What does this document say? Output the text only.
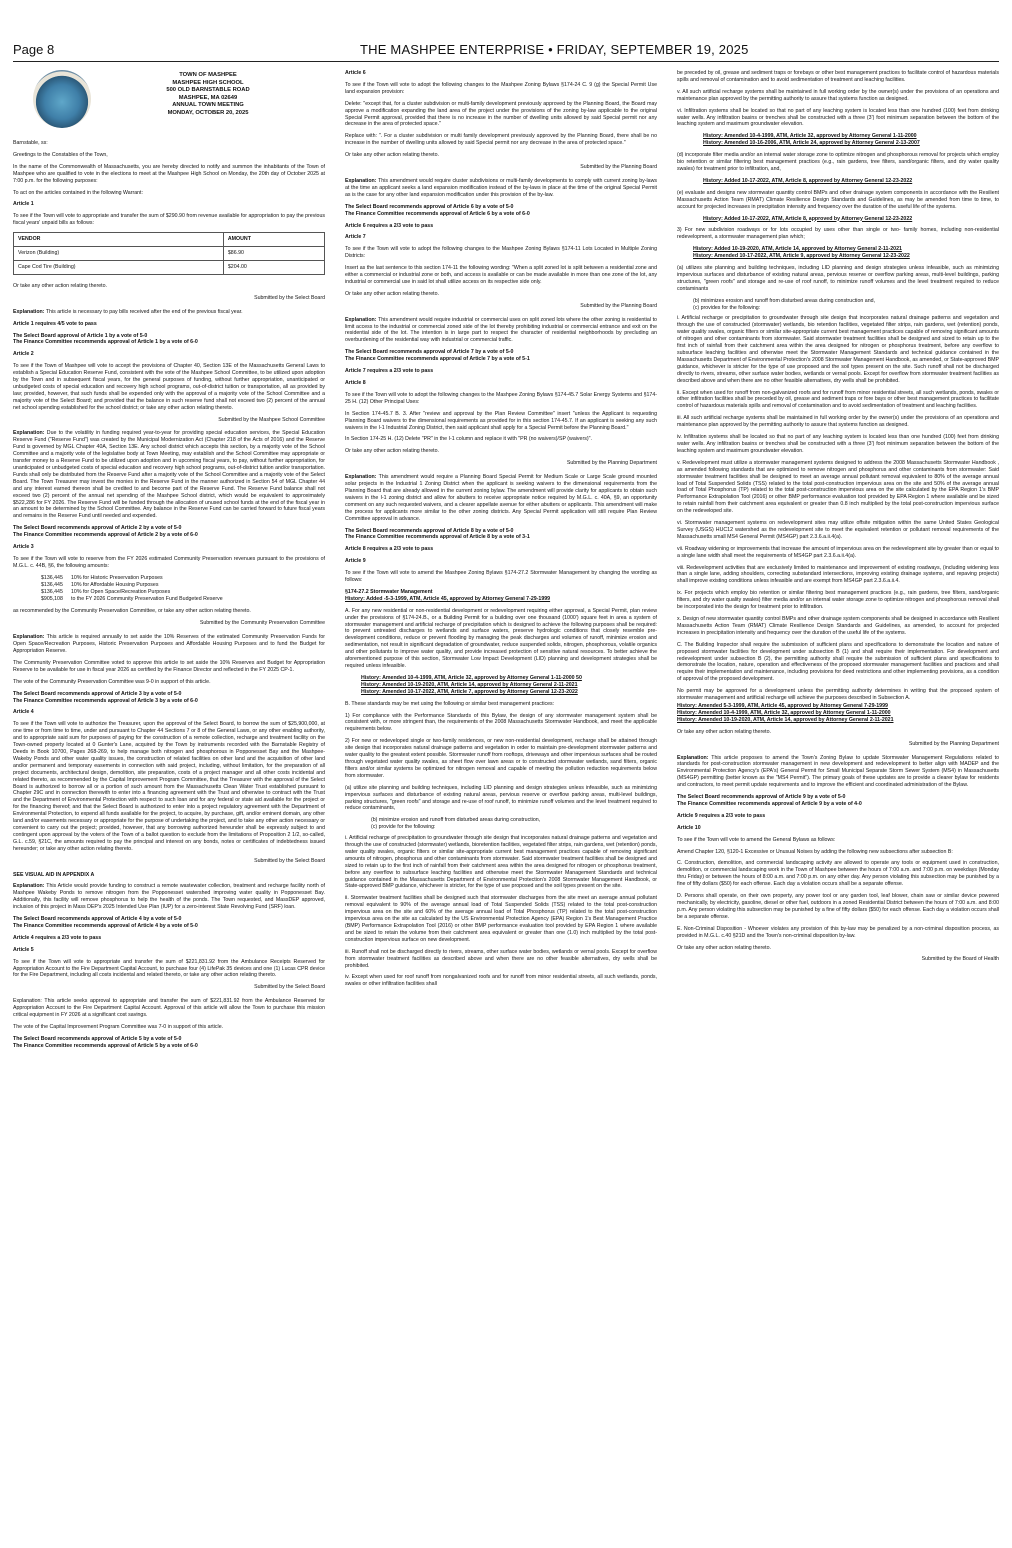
Page 8	THE MASHPEE ENTERPRISE • FRIDAY, SEPTEMBER 19, 2025
TOWN OF MASHPEE
MASHPEE HIGH SCHOOL
500 OLD BARNSTABLE ROAD
MASHPEE, MA 02649
ANNUAL TOWN MEETING
MONDAY, OCTOBER 20, 2025

Barnstable, ss:

Greetings to the Constables of the Town,

In the name of the Commonwealth of Massachusetts, you are hereby directed to notify and summon the inhabitants of the Town of Mashpee who are qualified to vote in the elections to meet at the Mashpee High School on Monday, the 20th day of October 2025 at 7:00 p.m. for the following purposes:

To act on the articles contained in the following Warrant:

Article 1

To see if the Town will vote to appropriate and transfer the sum of $290.90 from revenue available for appropriation to pay the previous fiscal years' unpaid bills as follows:

VENDOR	AMOUNT
Verizon (Building)	$86.90
Cape Cod Tire (Building)	$204.00

Or take any other action relating thereto.

Submitted by the Select Board

Explanation: This article is necessary to pay bills received after the end of the previous fiscal year.

Article 1 requires 4/5 vote to pass
The Select Board approval of Article 1 by a vote of 5-0
The Finance Committee recommends approval of Article 1 by a vote of 6-0
Article 2

To see if the Town of Mashpee will vote to accept the provisions of Chapter 40, Section 13E of the Massachusetts General Laws to establish a Special Education Reserve Fund, consistent with the vote of the Mashpee School Committee, to be utilized upon adoption by the Town and in subsequent fiscal years, for the general purposes of funding, without further appropriation, unanticipated or unbudgeted costs of special education and recovery high school programs, out-of-district tuition or transportation, all as provided by law; provided, however, that such funds shall be expended only with the approval of a majority vote of the School Committee and a majority vote of the Select Board; and provided that the balance in such reserve fund shall not exceed two (2) percent of the annual net school spending established for the school district; or take any other action relating thereto.

Submitted by the Mashpee School Committee

Explanation: Due to the volatility in funding required year-to-year for providing special education services, the Special Education Reserve Fund (“Reserve Fund”) was created by the Municipal Modernization Act (Chapter 218 of the Acts of 2016) and the Reserve Fund is governed by MGL Chapter 40A, Section 13E. Any school district which accepts this section, by a majority vote of the School Committee and a majority vote of the legislative body at Town Meeting, may establish and the School Committee may appropriate or transfer money to a Reserve Fund to be utilized upon adoption and in upcoming fiscal years, to pay, without further appropriation, for unanticipated or unbudgeted costs of special education and recovery high school programs, out-of-district tuition and/or transportation. Funds shall only be distributed from the Reserve Fund after a majority vote of the School Committee and a majority vote of the Select Board. The Town Treasurer may invest the monies in the Reserve Fund in the manner authorized in Section 54 of MGL Chapter 44 and any interest earned thereon shall be credited to and become part of the Reserve Fund. The Reserve Fund balance shall not exceed two (2) percent of the annual net spending of the Mashpee School district, which would be equivalent to approximately $522,286 for FY 2026. The Reserve Fund will be funded through the allocation of unused school funds at the end of the fiscal year in an amount to be determined by the School Committee. Any balance in the Reserve Fund can be carried forward to future fiscal years and remains in the Reserve Fund until needed and expended.

The Select Board recommends approval of Article 2 by a vote of 5-0
The Finance Committee recommends approval of Article 2 by a vote of 6-0
Article 3

To see if the Town will vote to reserve from the FY 2026 estimated Community Preservation revenues pursuant to the provisions of M.G.L. c. 44B, §6, the following amounts:

$136,445	10% for Historic Preservation Purposes
$136,445	10% for Affordable Housing Purposes
$136,445	10% for Open Space/Recreation Purposes
$905,108	to the FY 2026 Community Preservation Fund Budgeted Reserve

as recommended by the Community Preservation Committee, or take any other action relating thereto.

Submitted by the Community Preservation Committee

Explanation: This article is required annually to set aside the 10% Reserves of the estimated Community Preservation Funds for Open Space/Recreation Purposes, Historic Preservation Purposes and Affordable Housing Purposes and to fund the Budget for Appropriation Reserve.

The Community Preservation Committee voted to approve this article to set aside the 10% Reserves and Budget for Appropriation Reserve to be available for use in fiscal year 2026 as certified by the Finance Director and reflected in the FY 2025 CP-1.

The vote of the Community Preservation Committee was 9-0 in support of this article.

The Select Board recommends approval of Article 3 by a vote of 5-0
The Finance Committee recommends approval of Article 3 by a vote of 6-0
Article 4

To see if the Town will vote to authorize the Treasurer, upon the approval of the Select Board, to borrow the sum of $25,900,000, at one time or from time to time, under and pursuant to Chapter 44 Sections 7 or 8 of the General Laws, or any other enabling authority, and to appropriate said sum for purposes of paying for the construction of a remote collection, recharge and treatment facility on the Town-owned property located at 0 Gunter's Lane, acquired by the Town by instruments recorded with the Barnstable Registry of Deeds in Book 10700, Pages 268-269, to help manage both nitrogen and phosphorous in Popponesset Bay and the Mashpee-Wakeby Ponds and other water quality issues, the construction of related facilities on other land and the acquisition of other land and/or permanent and temporary easements in connection with said project, including, without limitation, for the preparation of all project documents, architectural design, demolition, site preparation, costs of a project manager and all other costs incidental and related thereto, as recommended by the Capital Improvement Program Committee, that the Treasurer with the approval of the Select Board is authorized to borrow all or a portion of such amount from the Massachusetts Clean Water Trust established pursuant to Chapter 29C and in connection therewith to enter into a financing agreement with the Trust and otherwise to contract with the Trust and the Department of Environmental Protection with respect to such loan and for any federal or state aid available for the project or for the financing thereof; and that the Select Board is authorized to enter into a project regulatory agreement with the Department of Environmental Protection, to expend all funds available for the project, to acquire, by purchase, gift, and/or eminent domain, any other land and/or easements necessary or appropriate for the purpose of undertaking the project, and to take any other action necessary or convenient to carry out the project; provided, however, that any borrowing authorized hereunder shall be expressly subject to and contingent upon approval by the voters of the Town of a ballot question to exclude from the limitations of Proposition 2 1/2, so-called, G.L. c.59, §21C, the amounts required to pay the principal and interest on any bonds, notes or certificates of indebtedness issued hereunder; or take any other action relating thereto.

Submitted by the Select Board
SEE VISUAL AID IN APPENDIX A

Explanation: This Article would provide funding to construct a remote wastewater collection, treatment and recharge facility north of Mashpee Wakeby Ponds to remove nitrogen from the Popponesset watershed improving water quality in Popponesset Bay. Additionally, this facility will remove phosphorus to help the health of the ponds. The Town requested, and MassDEP approved, inclusion of this project in Mass DEP's 2025 Intended Use Plan (IUP) for a zero-interest State Revolving Fund (SRF) loan.

The Select Board recommends approval of Article 4 by a vote of 5-0
The Finance Committee recommends approval of Article 4 by a vote of 5-0
Article 4 requires a 2/3 vote to pass
Article 5

To see if the Town will vote to appropriate and transfer the sum of $221,831.92 from the Ambulance Receipts Reserved for Appropriation Account to the Fire Department Capital Account, to purchase four (4) LifePak 35 devices and one (1) Lucas CPR device for the Fire Department, including all costs incidental and related thereto, or take any other action relating thereto.

Submitted by the Select Board

Explanation: This article seeks approval to appropriate and transfer the sum of $221,831.92 from the Ambulance Reserved for Appropriation Account to the Fire Department Capital Account. Approval of this article will allow the Town to purchase this mission critical equipment in FY 2026 at a significant cost savings.

The vote of the Capital Improvement Program Committee was 7-0 in support of this article.

The Select Board recommends approval of Article 5 by a vote of 5-0
The Finance Committee recommends approval of Article 5 by a vote of 6-0
Article 6

To see if the Town will vote to adopt the following changes to the Mashpee Zoning Bylaws §174-24 C. 9 (g) the Special Permit Use land expansion provision:

Delete: "except that, for a cluster subdivision or multi-family development previously approved by the Planning Board, the Board may approve a modification expanding the land area of the project under the provisions of the zoning by-law applicable to the original Special Permit approval, provided that there is no increase in the number of dwelling units allowed by said Special permit nor any decrease in the area of protected space."

Replace with: ". For a cluster subdivision or multi family development previously approved by the Planning Board, there shall be no increase in the number of dwelling units allowed by said Special permit nor any decrease in the area of protected space."

Or take any other action relating thereto.

Submitted by the Planning Board

Explanation: This amendment would require cluster subdivisions or multi-family developments to comply with current zoning by-laws at the time an applicant seeks a land expansion modification instead of the by-laws in place at the time of the original Special Permit as is the case for any other land expansion modification under this provision of the by-law.

The Select Board recommends approval of Article 6 by a vote of 5-0
The Finance Committee recommends approval of Article 6 by a vote of 6-0
Article 6 requires a 2/3 vote to pass
Article 7

To see if the Town will vote to adopt the following changes to the Mashpee Zoning Bylaws §174-11 Lots Located in Multiple Zoning Districts:

Insert as the last sentence to this section 174-11 the following wording: "When a split zoned lot is split between a residential zone and either a commercial or industrial zone or both, and access is available or can be made available in more than one zone of the lot, any industrial or commercial use in said lot shall utilize access on its respective side only.

Or take any other action relating thereto.

Submitted by the Planning Board

Explanation: This amendment would require industrial or commercial uses on split zoned lots where the other zoning is residential to limit access to the industrial or commercial zoned side of the lot thereby prohibiting industrial or commercial entrance and exit on the residential side of the lot. The intention is in large part to respect the character of residential neighborhoods by precluding an overburdening of the residential way with industrial or commercial traffic.

The Select Board recommends approval of Article 7 by a vote of 5-0
The Finance Committee recommends approval of Article 7 by a vote of 5-1
Article 7 requires a 2/3 vote to pass
Article 8

To see if the Town will vote to adopt the following changes to the Mashpee Zoning Bylaws §174-45.7 Solar Energy Systems and §174-25 H. (12) Other Principal Uses:

In Section 174-45.7 B. 3. After "review and approval by the Plan Review Committee" insert "unless the Applicant is requesting Planning Board waivers to the dimensional requirements as provided for in this section 174-45.7. If an applicant is seeking any such waivers in the I-1 Industrial Zoning District, then said applicant shall apply for a Special Permit before the Planning Board."

In Section 174-25 H. (12) Delete "PR" in the I-1 column and replace it with "PR (no waivers)/SP (waivers)".

Or take any other action relating thereto.

Submitted by the Planning Department

Explanation: This amendment would require a Planning Board Special Permit for Medium Scale or Large Scale ground mounted solar projects in the Industrial 1 Zoning District when the applicant is seeking waivers to the dimensional requirements from the Planning Board that are already allowed in the current zoning bylaw. The amendment will provide clarity for applicants to obtain such waivers in the I-1 zoning district and allow for abutters to receive appropriate notice required by M.G.L. c. 40A, §9, an opportunity comment on any such requested waivers, and a clearer appellate avenue for either abutters or applicants. This amendment will make the process for applicants more similar to the other zoning districts. Any Special Permit application will still require Plan Review Committee approval in advance.

The Select Board recommends approval of Article 8 by a vote of 5-0
The Finance Committee recommends approval of Article 8 by a vote of 3-1
Article 8 requires a 2/3 vote to pass
Article 9

To see if the Town will vote to amend the Mashpee Zoning Bylaws §174-27.2 Stormwater Management by changing the wording as follows:

§174-27.2 Stormwater Management
History: Added -5-3-1999, ATM, Article 45, approved by Attorney General 7-29-1999

A. For any new residential or non-residential development or redevelopment requiring either approval, a Special Permit, plan review under the provisions of §174-24.B., or a Building Permit for a building over one thousand (1000') square feet in area a system of stormwater management and artificial recharge of precipitation which is designed to achieve the following purposes shall be required: to prevent untreated discharges to wetlands and surface waters, preserve hydrologic conditions that closely resemble pre- development conditions, reduce or prevent flooding by managing the peak discharges and volumes of runoff, minimize erosion and sedimentation, not result in significant degradation of groundwater, reduce suspended solids, nitrogen, phosphorous, volatile organics and other pollutants to improve water quality, and provide increased protection of sensitive natural resources. To better achieve the aforementioned purpose of this section, Stormwater Low Impact Development (LID) planning and development strategies shall be required unless infeasible.

History: Amended 10-4-1999, ATM, Article 32, approved by Attorney General 1-11-2000 50
History: Amended 10-19-2020, ATM, Article 14, approved by Attorney General 2-11-2021
History: Amended 10-17-2022, ATM, Article 7, approved by Attorney General 12-23-2022

B. These standards may be met using the following or similar best management practices:

1) For compliance with the Performance Standards of this Bylaw, the design of any stormwater management system shall be consistent with, or more stringent than, the requirements of the 2008 Massachusetts Stormwater Handbook, and meet the applicable requirements below.

2) For new or redeveloped single or two-family residences, or new non-residential development, recharge shall be attained through site design that incorporates natural drainage patterns and vegetation in order to maintain pre-development stormwater patterns and water quality to the greatest extent possible. Stormwater runoff from rooftops, driveways and other impervious surfaces shall be routed through vegetated water quality swales, as sheet flow over lawn areas or to constructed stormwater wetlands, sand filters, organic filters and/or similar systems be optimized for nitrogen removal and capable of meeting the pollution reduction requirements below from stormwater.

(a) utilize site planning and building techniques, including LID planning and design strategies unless infeasible, such as minimizing impervious surfaces and disturbance of existing natural areas, pervious reserve or overflow parking areas, multi-level buildings, parking structures, "green roofs" and storage and re-use of roof runoff, to minimize runoff volumes and the level treatment required to reduce contaminants,

(b) minimize erosion and runoff from disturbed areas during construction,
(c) provide for the following:

i. Artificial recharge of precipitation to groundwater through site design that incorporates natural drainage patterns and vegetation and through the use of constructed (stormwater) wetlands, bioretention facilities, vegetated filter strips, rain gardens, wet (retention) ponds, water quality swales, organic filters or similar site-appropriate current best management practices capable of removing significant amounts of nitrogen, phosphorus and other contaminants from stormwater. Said stormwater treatment facilities shall be designed and sized to retain up to the first inch of rainfall from their catchment area within the area designed for nitrogen or phosphorus treatment, before any overflow to subsurface leaching facilities and otherwise meet the Stormwater Management Standards and technical guidance contained in the Massachusetts Department of Environmental Protection's 2008 Stormwater Management Handbook, or State-approved BMP guidance, whichever is stricter, for the type of use proposed and the soil types present on the site.

ii. Stormwater treatment facilities shall be designed such that stormwater discharges from the site meet an average annual pollutant removal equivalent to 90% of the average annual load of Total Suspended Solids (TSS) related to the total post-construction impervious area on the site and 60% of the average annual load of Total Phosphorus (TP) related to the total post-construction impervious area on the site as calculated by the US Environmental Protection Agency (EPA) Region 1's Best Management Practice (BMP) Performance Extrapolation Tool (2016) or other BMP performance evaluation tool provided by EPA Region 1 where available and be sized to retain the volume from their catchment area equivalent or greater than one (1.0) inch multiplied by the total post-construction impervious surface on new development.

iii. Runoff shall not be discharged directly to rivers, streams, other surface water bodies, wetlands or vernal pools. Except for overflow from stormwater treatment facilities as described above and when there are no other feasible alternatives, dry wells shall be prohibited.

iv. Except when used for roof runoff from nongalvanized roofs and for runoff from minor residential streets, all such wetlands, ponds, swales or other infiltration facilities shall

be preceded by oil, grease and sediment traps or forebays or other best management practices to facilitate control of hazardous materials spills and removal of contamination and to avoid sedimentation of treatment and leaching facilities.

v. All such artificial recharge systems shall be maintained in full working order by the owner(s) under the provisions of an operations and maintenance plan approved by the permitting authority to assure that systems function as designed.

vi. Infiltration systems shall be located so that no part of any leaching system is located less than one hundred (100) feet from drinking water wells. Any infiltration basins or trenches shall be constructed with a three (3') foot minimum separation between the bottom of the leaching system and maximum groundwater elevation.

History: Amended 10-4-1999, ATM, Article 32, approved by Attorney General 1-11-2000
History: Amended 10-16-2006, ATM, Article 24, approved by Attorney General 2-13-2007

(d) incorporate filter media and/or an internal water storage zone to optimize nitrogen and phosphorous removal for projects which employ bio retention or similar filtering best management practices (e.g., rain gardens, tree filters, sand/organic filters, and dry water quality swales) for treatment prior to infiltration, and,

History: Added 10-17-2022, ATM, Article 8, approved by Attorney General 12-23-2022

(e) evaluate and designs new stormwater quantity control BMPs and other drainage system components in accordance with the Resilient Massachusetts Action Team (RMAT) Climate Resilience Design Standards and Guidelines, as may be amended from time to time, to account for projected increases in precipitation intensity and frequency over the duration of the useful life of the systems.

History: Added 10-17-2022, ATM, Article 8, approved by Attorney General 12-23-2022

3) For new subdivision roadways or for lots occupied by uses other than single or two- family homes, including non-residential redevelopment, a stormwater management plan which;

History: Added 10-19-2020, ATM, Article 14, approved by Attorney General 2-11-2021
History: Amended 10-17-2022, ATM, Article 9, approved by Attorney General 12-23-2022

(a) utilizes site planning and building techniques, including LID planning and design strategies unless infeasible, such as minimizing impervious surfaces and disturbance of existing natural areas, pervious reserve or overflow parking areas, multi-level buildings, parking structures, "green roofs" and storage and re-use of roof runoff, to minimize runoff volumes and the level treatment required to reduce contaminants

(b) minimizes erosion and runoff from disturbed areas during construction and,
(c) provides for the following:

i. Artificial recharge or precipitation to groundwater through site design that incorporates natural drainage patterns and vegetation and through the use of constructed (stormwater) wetlands, bio retention facilities, vegetated filter strips, rain gardens, wet (retention) ponds, water quality swales, organic filters or similar site-appropriate current best management practices capable of removing significant amounts of nitrogen and other contaminants from stormwater. Said stormwater treatment facilities shall be designed and sized to retain up to the first inch of rainfall from their catchment area within the area designed for nitrogen or phosphorus treatment, before any overflow to subsurface leaching facilities and otherwise meet the Stormwater Management Standards and technical guidance contained in the Massachusetts Department of Environmental Protection's 2008 Stormwater Management Handbook, as amended, or State-approved BMP guidance, whichever is stricter for the type of use proposed and the soil types present on the site. Such runoff shall not be discharged directly to rivers, streams, other surface water bodies, wetlands or vernal pools. Except for overflow from stormwater treatment facilities as described above and when there are no other feasible alternatives, dry wells shall be prohibited.

ii. Except when used for runoff from non-galvanized roofs and for runoff from minor residential streets, all such wetlands, ponds, swales or other infiltration facilities shall be preceded by oil, grease and sediment traps or fore bays or other best management practices to facilitate control of hazardous materials spills and removal of contamination and to avoid sedimentation of treatment and leaching facilities.

iii. All such artificial recharge systems shall be maintained in full working order by the owner(s) under the provisions of an operations and maintenance plan approved by the permitting authority to assure that systems function as designed.

iv. Infiltration systems shall be located so that no part of any leaching system is located less than one hundred (100) feet from drinking water wells. Any infiltration basins or trenches shall be constructed with a three (3') foot minimum separation between the bottom of the leaching system and maximum groundwater elevation.

v. Redevelopment must utilize a stormwater management systems designed to address the 2008 Massachusetts Stormwater Handbook , as amended following standards that are optimized to remove nitrogen and phosphorus and other contaminants from stormwater: Said stormwater treatment facilities shall be designed to meet an average annual pollutant removal equivalent to 80% of the average annual load of Total Suspended Solids (TSS) related to the total post-construction impervious area on the site and 50% of the average annual load of Total Phosphorus (TP) related to the total post-construction impervious area on the site calculated by the EPA Region 1's BMP Performance Extrapolation Tool (2016) or other BMP performance evaluation tool provided by EPA Region 1 where available and be sized to retain rainfall from their catchment area equivalent or greater than 0.8 inch multiplied by the total post-construction impervious surface on the redeveloped site.

vi. Stormwater management systems on redevelopment sites may utilize offsite mitigation within the same United States Geological Survey (USGS) HUC12 watershed as the redevelopment site to meet the equivalent retention or pollutant removal requirements of the Massachusetts small MS4 General Permit (MS4GP) part 2.3.6.a.ii.4(a).

vii. Roadway widening or improvements that increase the amount of impervious area on the redevelopment site by greater than or equal to a single lane width shall meet the requirements of MS4GP part 2.3.6.a.ii.4(a).

viii. Redevelopment activities that are exclusively limited to maintenance and improvement of existing roadways, (including widening less than a single lane, adding shoulders, correcting substandard intersections, improving existing drainage systems, and repaving projects) shall improve existing conditions unless infeasible and are exempt from MS4GP part 2.3.6.a.ii.4.

ix. For projects which employ bio retention or similar filtering best management practices (e.g., rain gardens, tree filters, sand/organic filters, and dry water quality swales) filter media and/or an internal water storage zone to optimize nitrogen and phosphorous removal shall be incorporated into the design for treatment prior to infiltration.

x. Design of new stormwater quantity control BMPs and other drainage system components shall be designed in accordance with Resilient Massachusetts Action Team (RMAT) Climate Resilience Design Standards and Guidelines, as amended, to account for projected increases in precipitation intensity and frequency over the duration of the useful life of the systems.

C. The Building Inspector shall require the submission of sufficient plans and specifications to demonstrate the location and nature of proposed stormwater facilities for development under subsection B (1) and shall require their implementation. For development and redevelopment under subsection B (2), the permitting authority shall require the submission of sufficient plans and specifications to demonstrate the location, nature, operation and effectiveness of the proposed stormwater management facilities and practices and shall require their implementation and maintenance, including provisions for deed restrictions and other implementing provisions, as a condition of approval of the proposed development.

No permit may be approved for a development unless the permitting authority determines in writing that the proposed system of stormwater management and artificial recharge will achieve the purposes described in Subsection A.

History: Amended 5-3-1999, ATM, Article 45, approved by Attorney General 7-29-1999
History: Amended 10-4-1999, ATM, Article 32, approved by Attorney General 1-11-2000
History: Amended 10-19-2020, ATM, Article 14, approved by Attorney General 2-11-2021

Or take any other action relating thereto.

Submitted by the Planning Department

Explanation: This article proposes to amend the Town's Zoning Bylaw to update Stormwater Management Regulations related to standards for post-construction stormwater management in new development and redevelopment to better align with MADEP and the Environmental Protection Agency's (EPA's) General Permit for Small Municipal Separate Storm Sewer System (MS4) in Massachusetts (MS4GP) permitting (better known as the "MS4 Permit"). The primary goals of these updates are to provide a clearer bylaw for residents and contractors, to meet permit update requirements and to improve the efficient and coordinated administration of the Bylaw.

The Select Board recommends approval of Article 9 by a vote of 5-0
The Finance Committee recommends approval of Article 9 by a vote of 4-0
Article 9 requires a 2/3 vote to pass
Article 10

To see if the Town will vote to amend the General Bylaws as follows:

Amend Chapter 120, §120-1 Excessive or Unusual Noises by adding the following new subsections after subsection B:

C. Construction, demolition, and commercial landscaping activity are allowed to operate any tools or equipment used in construction, demolition, or commercial landscaping work in the Town of Mashpee between the hours of 7:00 a.m. and 7:00 p.m. on weekdays (Monday thru Friday) or between the hours of 8:00 a.m. and 7:00 p.m. on any other day. Any person violating this subsection may be punished by a fine of fifty dollars ($50) for each offense. Each day a violation occurs shall be a separate offense.

D. Persons shall operate, on their own property, any power tool or any garden tool, leaf blower, chain saw or similar device powered mechanically, by electricity, gasoline, diesel or other fuel, outdoors in a zoned Residential District between the hours of 7:00 a.m. and 8:00 p.m. Any person violating this subsection may be punished by a fine of fifty dollars ($50) for each offense. Each day a violation occurs shall be a separate offense.

E. Non-Criminal Disposition - Whoever violates any provision of this by-law may be penalized by a non-criminal disposition process, as provided in M.G.L. c.40 §21D and the Town's non-criminal disposition by-law.

Or take any other action relating thereto.

Submitted by the Board of Health
